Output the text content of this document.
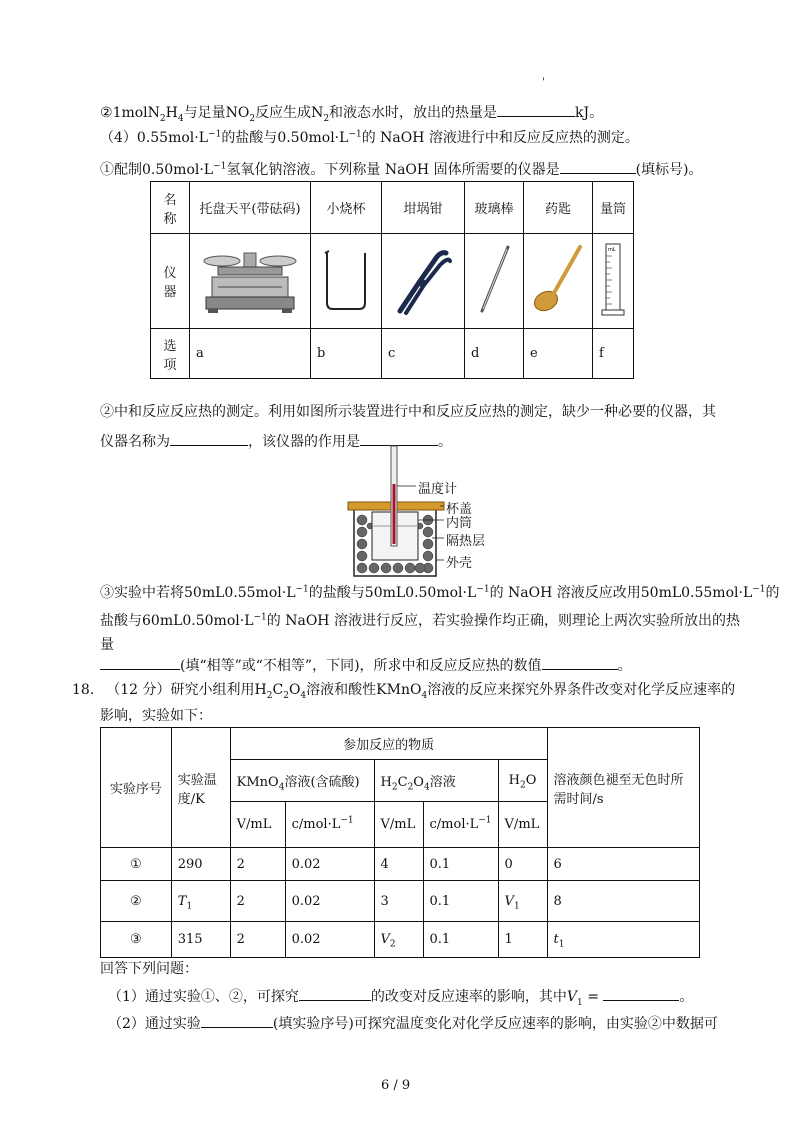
'
$②1molN_2H_4$与足量$NO_2$反应生成$N_2$和液态水时，放出的热量是	kJ。
$(4)0.55mol\cdot L^{-1}$的盐酸与$0.50mol\cdot L^{-1}$的 NaOH 溶液进行中和反应反应热的测定。
①配制$0.50mol\cdot L^{-1}$氢氧化钠溶液。下列称量 NaOH 固体所需要的仪器是	(填标号)。
名称	托盘天平(带砝码)	小烧杯	坩埚钳	玻璃棒	药匙	量筒
仪器						mL

选项	a	b	c	d	e	f
②中和反应反应热的测定。利用如图所示装置进行中和反应反应热的测定，缺少一种必要的仪器，其
仪器名称为	，该仪器的作用是	。
温度计
杯盖
内筒
隔热层
外壳
③实验中若将$50mL0.55mol\cdot L^{-1}$的盐酸与$50mL0.50mol\cdot L^{-1}$的 NaOH 溶液反应改用$50mL0.55mol\cdot L^{-1}$的
盐酸与$60mL0.50mol\cdot L^{-1}$的 NaOH 溶液进行反应，若实验操作均正确，则理论上两次实验所放出的热
量
(填“相等”或“不相等”，下同)，所求中和反应反应热的数值	。
18. （12 分）研究小组利用$H_2C_2O_4$溶液和酸性KMnO$_4$溶液的反应来探究外界条件改变对化学反应速率的
影响，实验如下：
实验序号	实验温度/K	参加反应的物质					溶液颜色褪至无色时所需时间/s
		KMnO$_4$溶液(含硫酸)		$H_2C_2O_4$溶液		$H_2O$	
		V/mL	$c/mol\cdot L^{-1}$	V/mL	$c/mol\cdot L^{-1}$	V/mL	
①	290	2	0.02	4	0.1	0	6
②	$T_1$	2	0.02	3	0.1	$V_1$	8
③	315	2	0.02	$V_2$	0.1	1	$t_1$
回答下列问题：
（1）通过实验①、②，可探究	的改变对反应速率的影响，其中$V_1$ =	。
（2）通过实验	(填实验序号)可探究温度变化对化学反应速率的影响，由实验②中数据可
6 / 9
